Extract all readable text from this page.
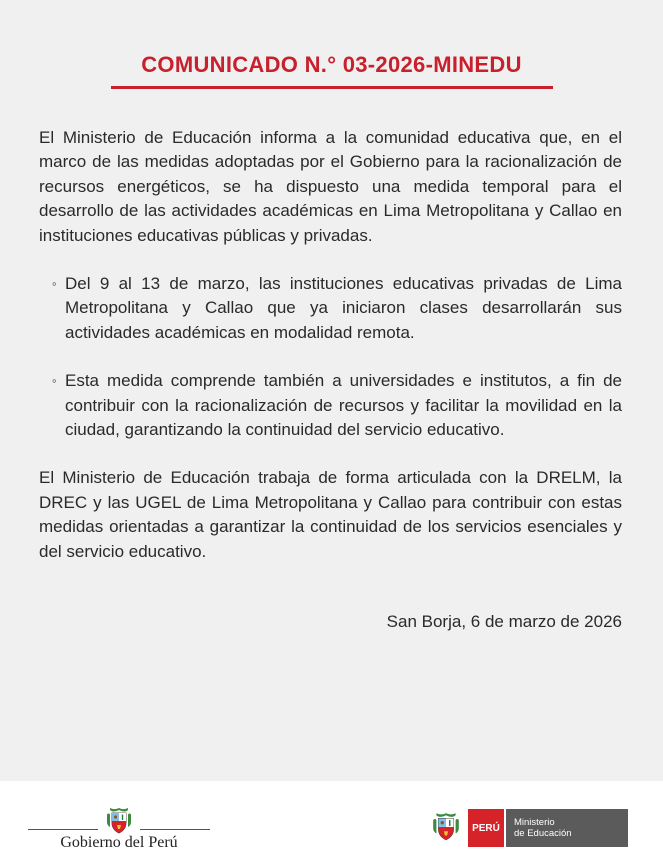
COMUNICADO N.° 03-2026-MINEDU

El Ministerio de Educación informa a la comunidad educativa que, en el marco de las medidas adoptadas por el Gobierno para la racionalización de recursos energéticos, se ha dispuesto una medida temporal para el desarrollo de las actividades académicas en Lima Metropolitana y Callao en instituciones educativas públicas y privadas.

◦ Del 9 al 13 de marzo, las instituciones educativas privadas de Lima Metropolitana y Callao que ya iniciaron clases desarrollarán sus actividades académicas en modalidad remota.
◦ Esta medida comprende también a universidades e institutos, a fin de contribuir con la racionalización de recursos y facilitar la movilidad en la ciudad, garantizando la continuidad del servicio educativo.

El Ministerio de Educación trabaja de forma articulada con la DRELM, la DREC y las UGEL de Lima Metropolitana y Callao para contribuir con estas medidas orientadas a garantizar la continuidad de los servicios esenciales y del servicio educativo.

San Borja, 6 de marzo de 2026

Gobierno del Perú
PERÚ	Ministerio
de Educación
